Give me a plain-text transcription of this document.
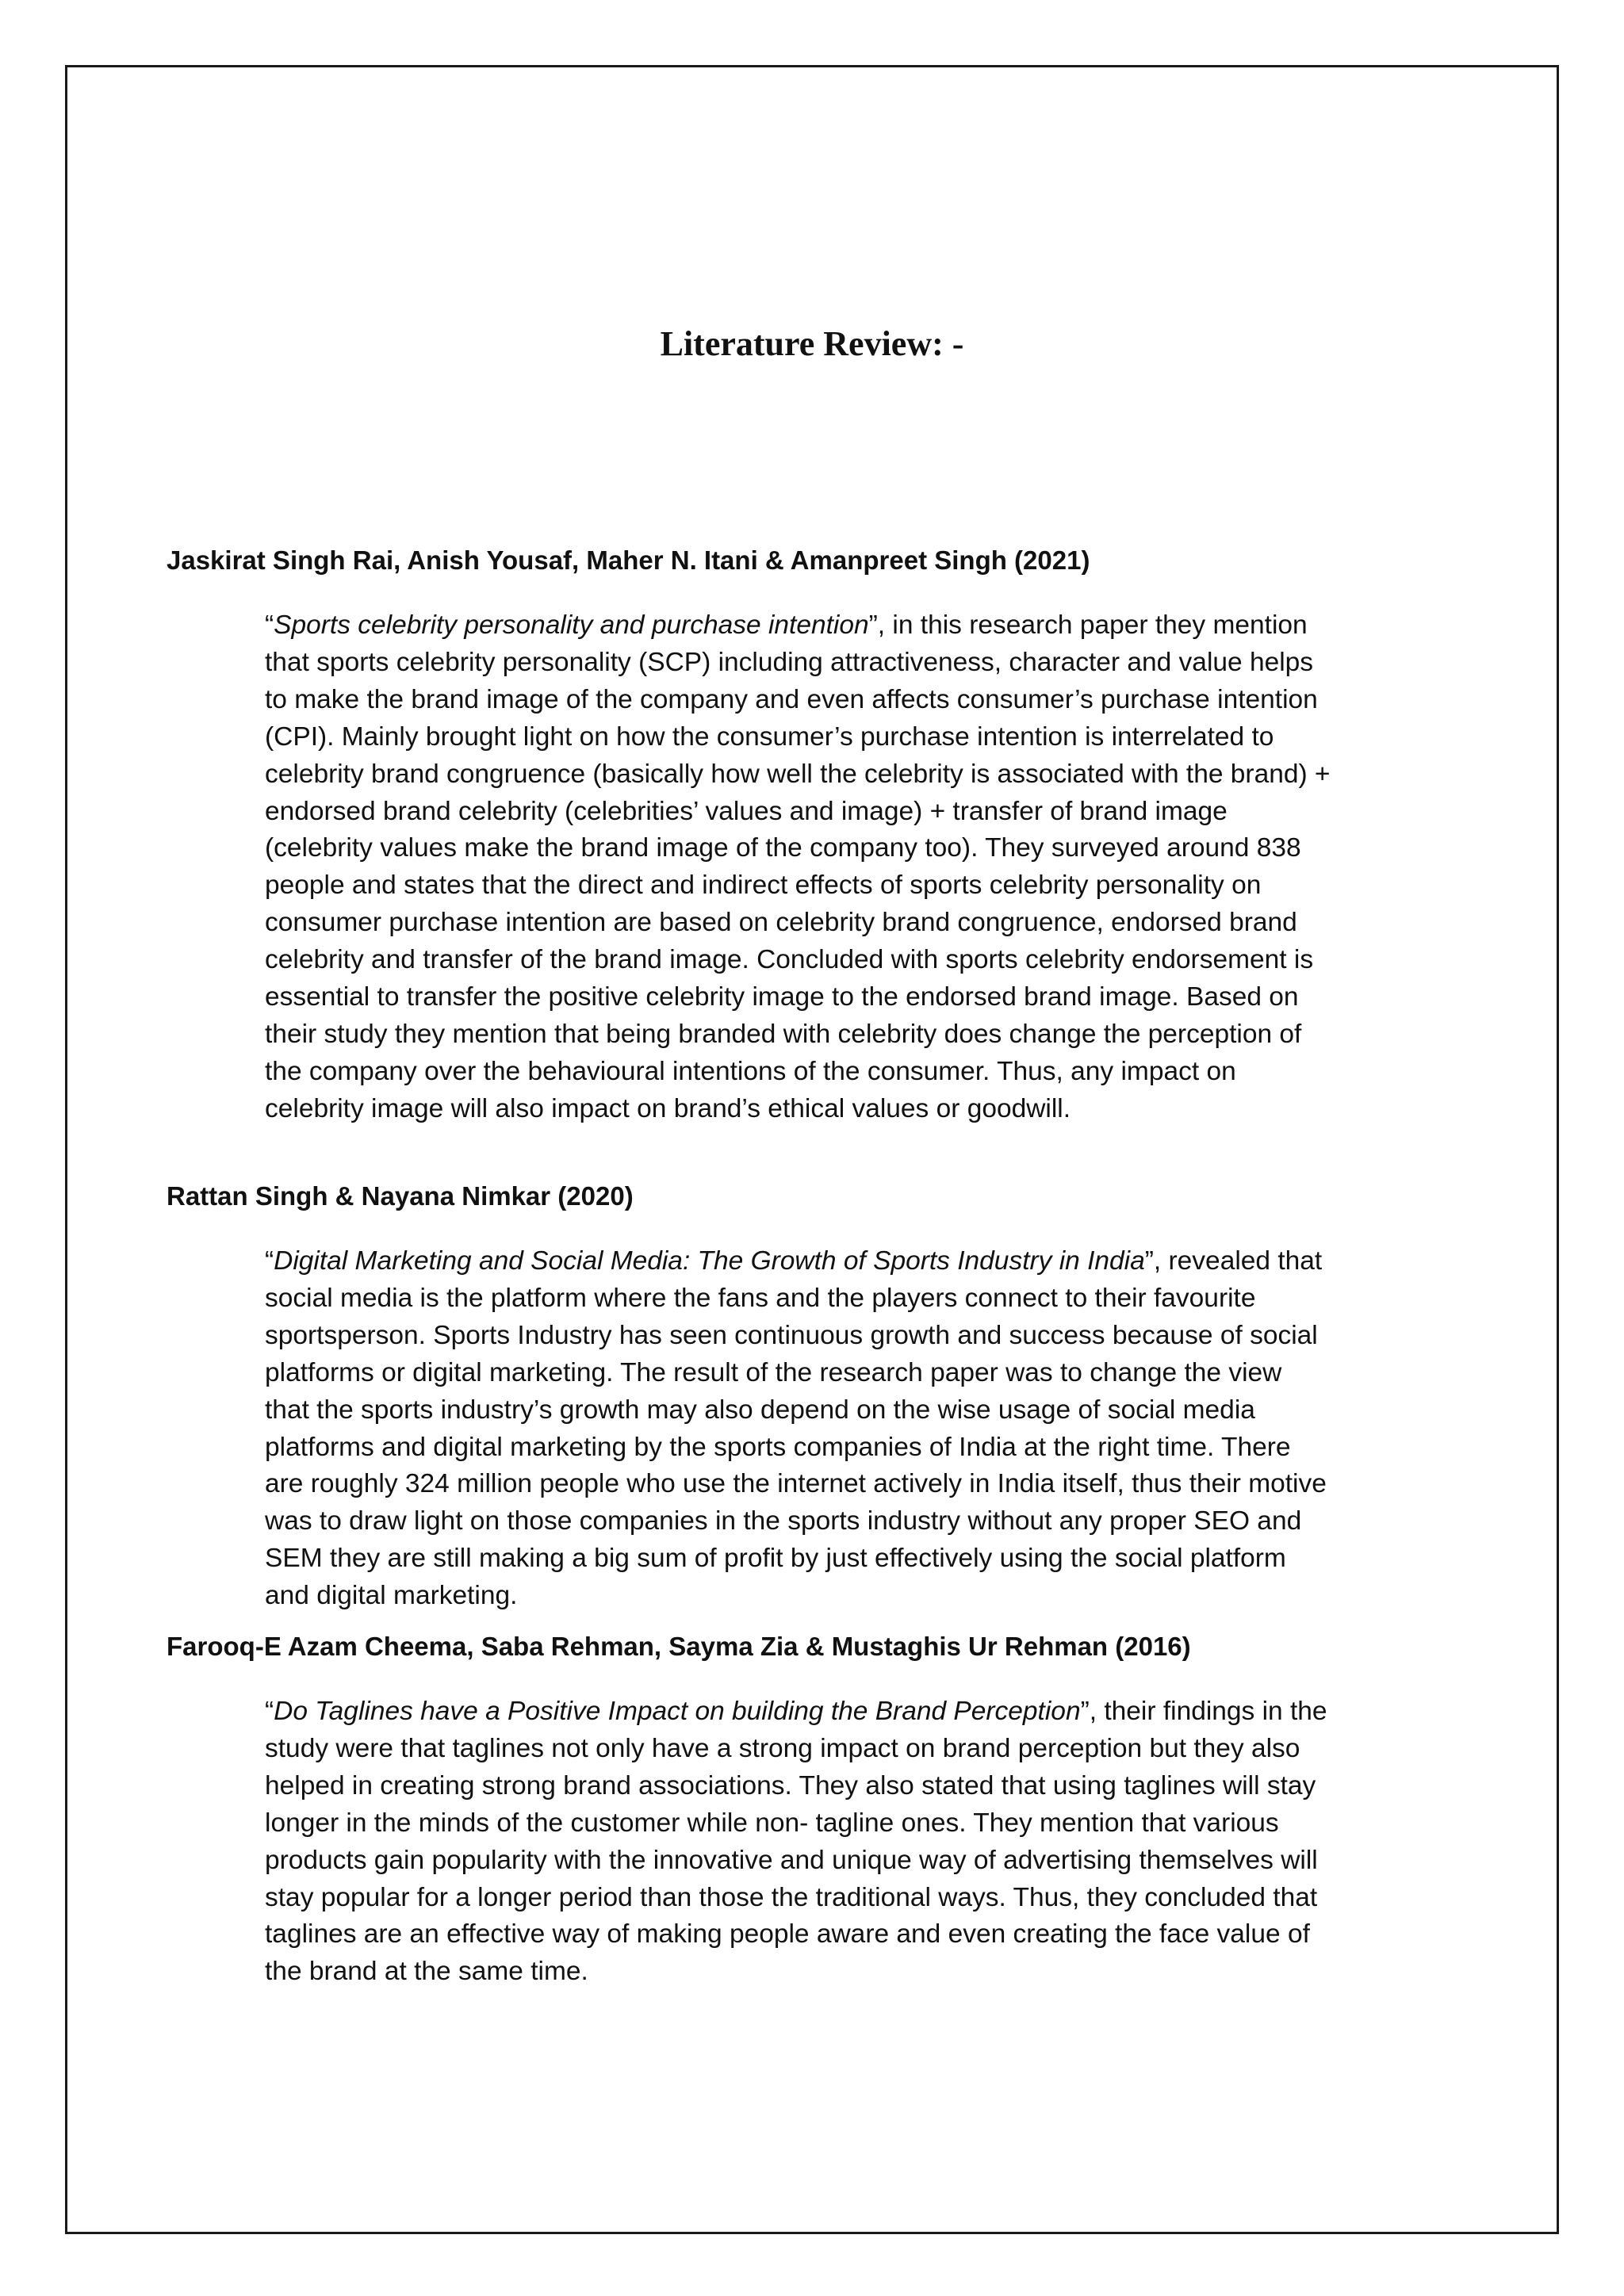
Literature Review: -
Jaskirat Singh Rai, Anish Yousaf, Maher N. Itani & Amanpreet Singh (2021)

“Sports celebrity personality and purchase intention”, in this research paper they mention
that sports celebrity personality (SCP) including attractiveness, character and value helps
to make the brand image of the company and even affects consumer’s purchase intention
(CPI). Mainly brought light on how the consumer’s purchase intention is interrelated to
celebrity brand congruence (basically how well the celebrity is associated with the brand) +
endorsed brand celebrity (celebrities’ values and image) + transfer of brand image
(celebrity values make the brand image of the company too). They surveyed around 838
people and states that the direct and indirect effects of sports celebrity personality on
consumer purchase intention are based on celebrity brand congruence, endorsed brand
celebrity and transfer of the brand image. Concluded with sports celebrity endorsement is
essential to transfer the positive celebrity image to the endorsed brand image. Based on
their study they mention that being branded with celebrity does change the perception of
the company over the behavioural intentions of the consumer. Thus, any impact on
celebrity image will also impact on brand’s ethical values or goodwill.

Rattan Singh & Nayana Nimkar (2020)

“Digital Marketing and Social Media: The Growth of Sports Industry in India”, revealed that
social media is the platform where the fans and the players connect to their favourite
sportsperson. Sports Industry has seen continuous growth and success because of social
platforms or digital marketing. The result of the research paper was to change the view
that the sports industry’s growth may also depend on the wise usage of social media
platforms and digital marketing by the sports companies of India at the right time. There
are roughly 324 million people who use the internet actively in India itself, thus their motive
was to draw light on those companies in the sports industry without any proper SEO and
SEM they are still making a big sum of profit by just effectively using the social platform
and digital marketing.

Farooq-E Azam Cheema, Saba Rehman, Sayma Zia & Mustaghis Ur Rehman (2016)

“Do Taglines have a Positive Impact on building the Brand Perception”, their findings in the
study were that taglines not only have a strong impact on brand perception but they also
helped in creating strong brand associations. They also stated that using taglines will stay
longer in the minds of the customer while non- tagline ones. They mention that various
products gain popularity with the innovative and unique way of advertising themselves will
stay popular for a longer period than those the traditional ways. Thus, they concluded that
taglines are an effective way of making people aware and even creating the face value of
the brand at the same time.
